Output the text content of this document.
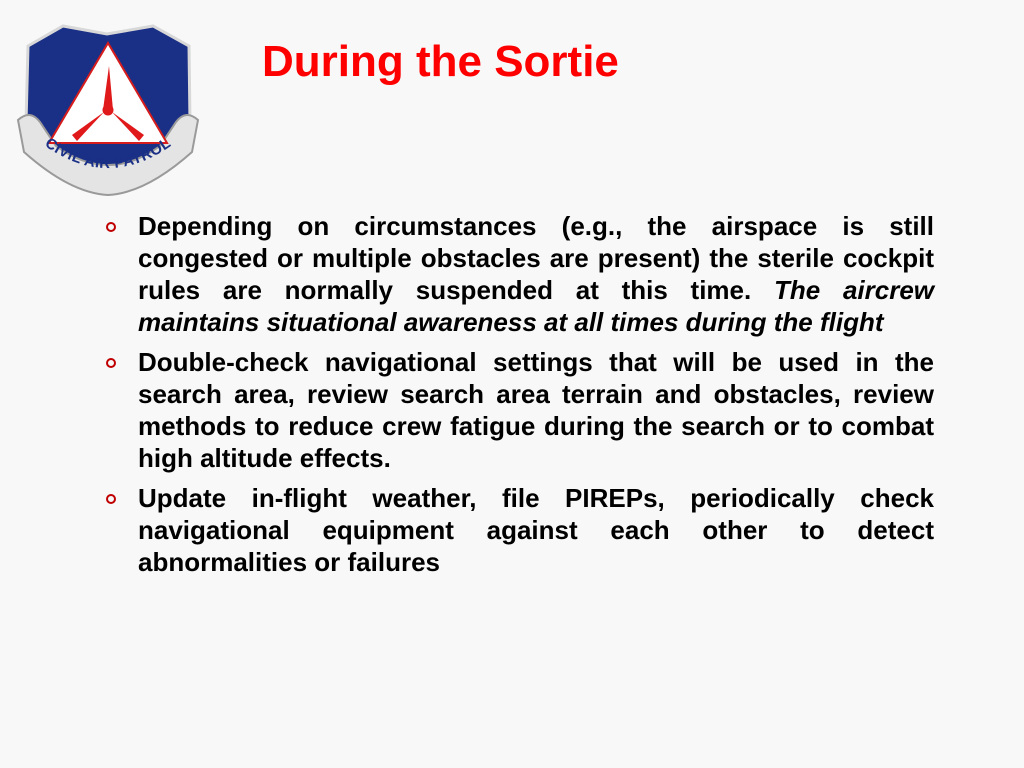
CIVIL AIR PATROL
During the Sortie
Depending on circumstances (e.g., the airspace is still congested or multiple obstacles are present) the sterile cockpit rules are normally suspended at this time. The aircrew maintains situational awareness at all times during the flight
Double-check navigational settings that will be used in the search area, review search area terrain and obstacles, review methods to reduce crew fatigue during the search or to combat high altitude effects.
Update in-flight weather, file PIREPs, periodically check navigational equipment against each other to detect abnormalities or failures
